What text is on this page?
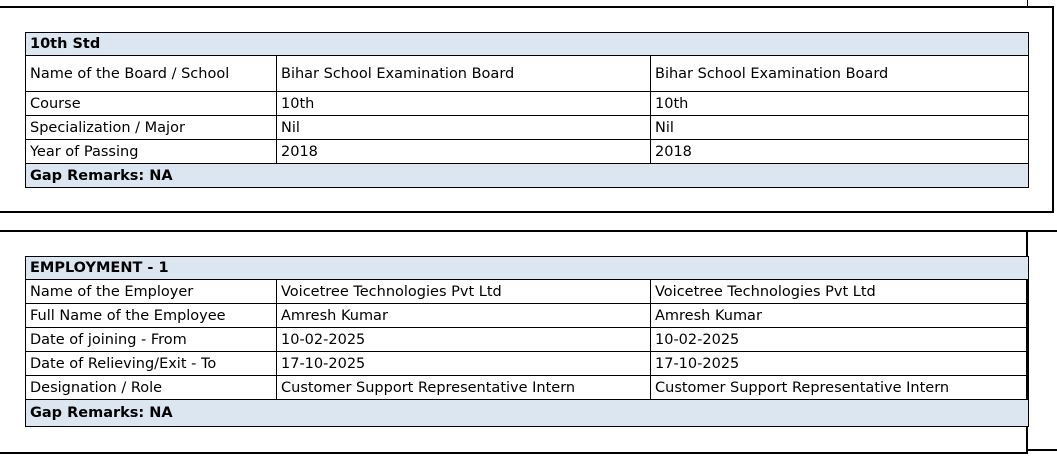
10th Std		
Name of the Board / School	Bihar School Examination Board	Bihar School Examination Board
Course	10th	10th
Specialization / Major	Nil	Nil
Year of Passing	2018	2018
Gap Remarks: NA		
EMPLOYMENT - 1		
Name of the Employer	Voicetree Technologies Pvt Ltd	Voicetree Technologies Pvt Ltd
Full Name of the Employee	Amresh Kumar	Amresh Kumar
Date of joining - From	10-02-2025	10-02-2025
Date of Relieving/Exit - To	17-10-2025	17-10-2025
Designation / Role	Customer Support Representative Intern	Customer Support Representative Intern
Gap Remarks: NA		
